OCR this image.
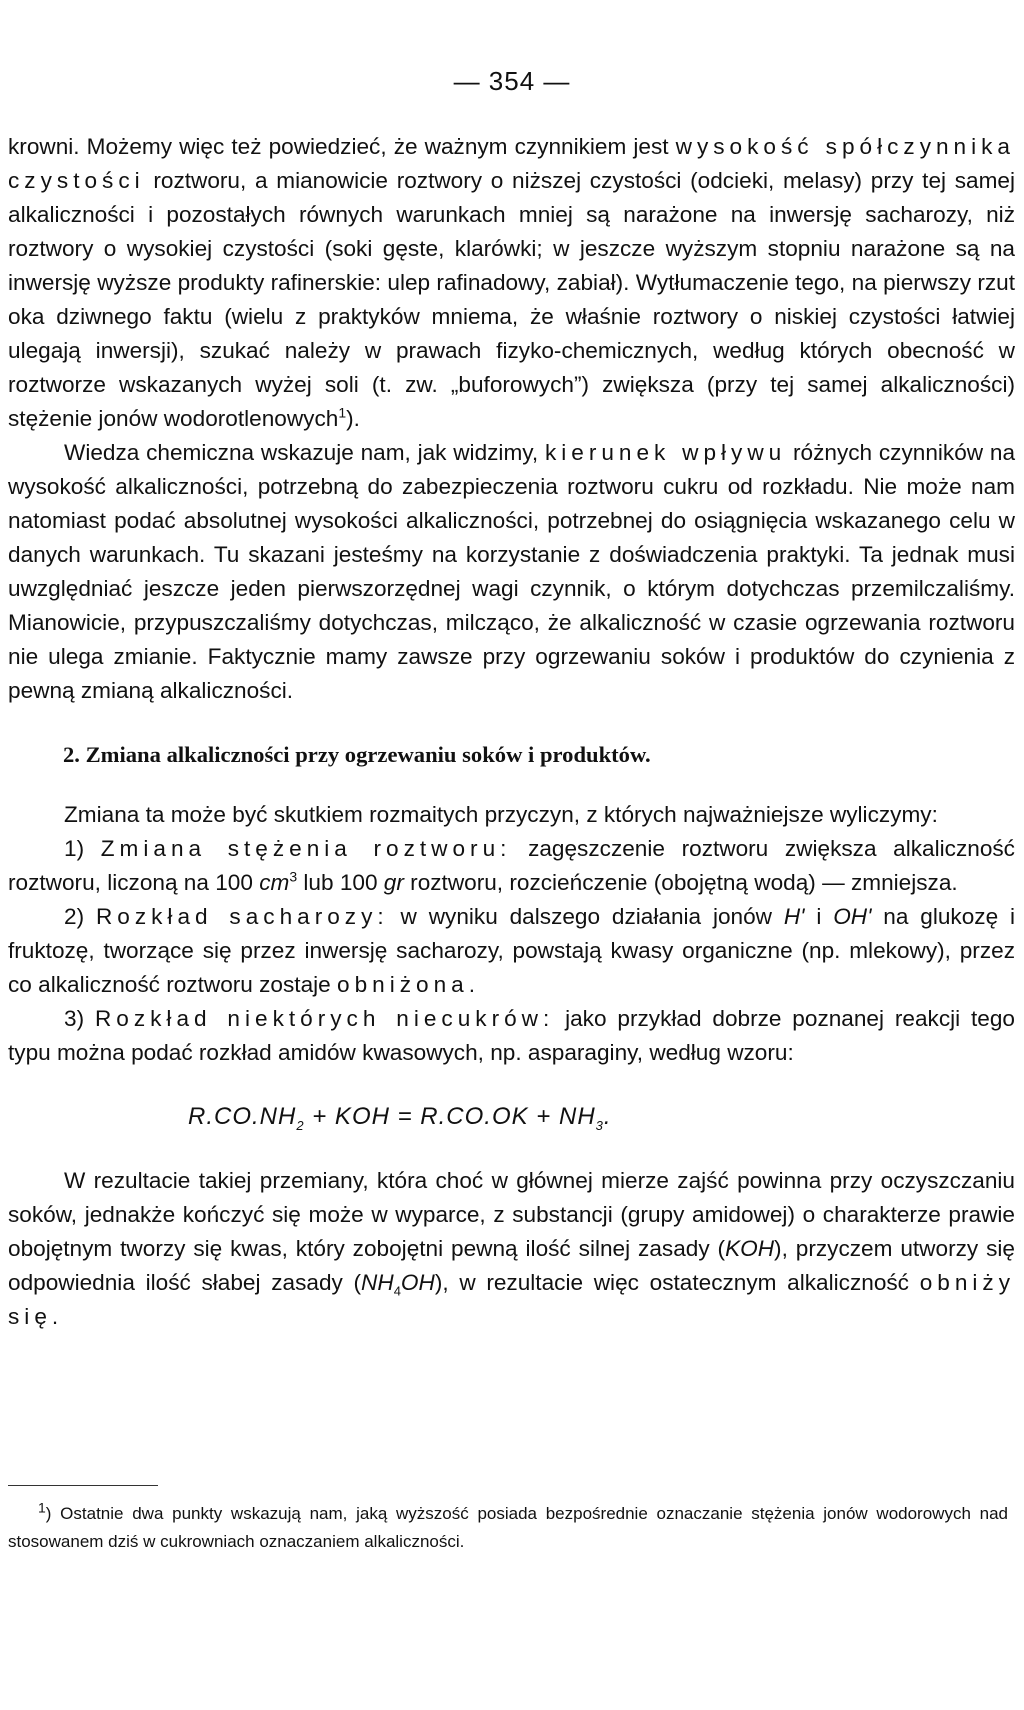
— 354 —

krowni. Możemy więc też powiedzieć, że ważnym czynnikiem jest wysokość spółczynnika czystości roztworu, a mianowicie roztwory o niższej czystości (odcieki, melasy) przy tej samej alkaliczności i pozostałych równych warunkach mniej są narażone na inwersję sacharozy, niż roztwory o wysokiej czystości (soki gęste, klarówki; w jeszcze wyższym stopniu narażone są na inwersję wyższe produkty rafinerskie: ulep rafinadowy, zabiał). Wytłumaczenie tego, na pierwszy rzut oka dziwnego faktu (wielu z praktyków mniema, że właśnie roztwory o niskiej czystości łatwiej ulegają inwersji), szukać należy w prawach fizyko-chemicznych, według których obecność w roztworze wskazanych wyżej soli (t. zw. „buforowych”) zwiększa (przy tej samej alkaliczności) stężenie jonów wodorotlenowych$^1$).

Wiedza chemiczna wskazuje nam, jak widzimy, kierunek wpływu różnych czynników na wysokość alkaliczności, potrzebną do zabezpieczenia roztworu cukru od rozkładu. Nie może nam natomiast podać absolutnej wysokości alkaliczności, potrzebnej do osiągnięcia wskazanego celu w danych warunkach. Tu skazani jesteśmy na korzystanie z doświadczenia praktyki. Ta jednak musi uwzględniać jeszcze jeden pierwszorzędnej wagi czynnik, o którym dotychczas przemilczaliśmy. Mianowicie, przypuszczaliśmy dotychczas, milcząco, że alkaliczność w czasie ogrzewania roztworu nie ulega zmianie. Faktycznie mamy zawsze przy ogrzewaniu soków i produktów do czynienia z pewną zmianą alkaliczności.

2. Zmiana alkaliczności przy ogrzewaniu soków i produktów.

Zmiana ta może być skutkiem rozmaitych przyczyn, z których najważniejsze wyliczymy:

1) Zmiana stężenia roztworu: zagęszczenie roztworu zwiększa alkaliczność roztworu, liczoną na 100 $cm^3$ lub 100 gr roztworu, rozcieńczenie (obojętną wodą) — zmniejsza.

2) Rozkład sacharozy: w wyniku dalszego działania jonów H' i OH' na glukozę i fruktozę, tworzące się przez inwersję sacharozy, powstają kwasy organiczne (np. mlekowy), przez co alkaliczność roztworu zostaje obniżona.

3) Rozkład niektórych niecukrów: jako przykład dobrze poznanej reakcji tego typu można podać rozkład amidów kwasowych, np. asparaginy, według wzoru:

$R.CO.NH_2$ + KOH = $R.CO.OK + NH_3$.

W rezultacie takiej przemiany, która choć w głównej mierze zajść powinna przy oczyszczaniu soków, jednakże kończyć się może w wyparce, z substancji (grupy amidowej) o charakterze prawie obojętnym tworzy się kwas, który zobojętni pewną ilość silnej zasady (KOH), przyczem utworzy się odpowiednia ilość słabej zasady $(NH_4OH)$, w rezultacie więc ostatecznym alkaliczność obniży się.

$^1$) Ostatnie dwa punkty wskazują nam, jaką wyższość posiada bezpośrednie oznaczanie stężenia jonów wodorowych nad stosowanem dziś w cukrowniach oznaczaniem alkaliczności.
